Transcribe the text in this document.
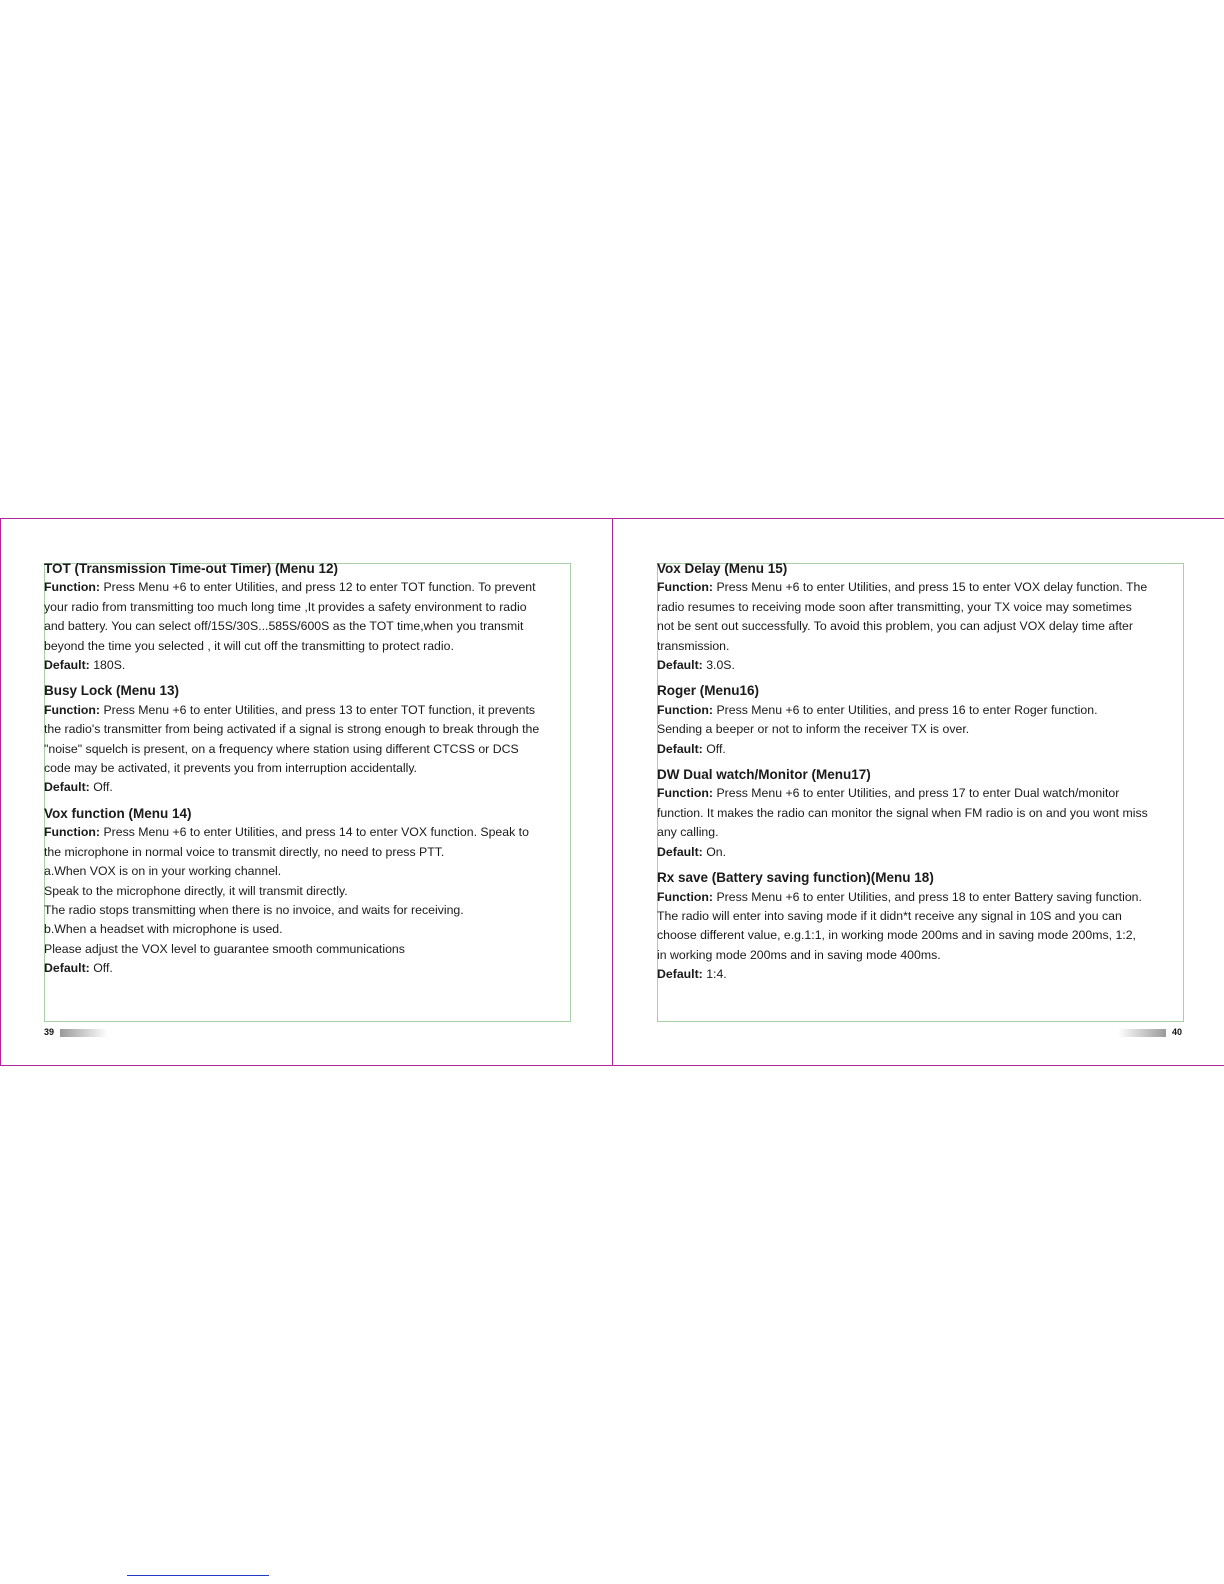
TOT (Transmission Time-out Timer) (Menu 12)
Function: Press Menu +6 to enter Utilities, and press 12 to enter TOT function. To prevent
your radio from transmitting too much long time ,It provides a safety environment to radio
and battery. You can select off/15S/30S...585S/600S as the TOT time,when you transmit
beyond the time you selected , it will cut off the transmitting to protect radio.
Default: 180S.
Busy Lock (Menu 13)
Function: Press Menu +6 to enter Utilities, and press 13 to enter TOT function, it prevents
the radio's transmitter from being activated if a signal is strong enough to break through the
"noise" squelch is present, on a frequency where station using different CTCSS or DCS
code may be activated, it prevents you from interruption accidentally.
Default: Off.
Vox function (Menu 14)
Function: Press Menu +6 to enter Utilities, and press 14 to enter VOX function. Speak to
the microphone in normal voice to transmit directly, no need to press PTT.
a.When VOX is on in your working channel.
Speak to the microphone directly, it will transmit directly.
The radio stops transmitting when there is no invoice, and waits for receiving.
b.When a headset with microphone is used.
Please adjust the VOX level to guarantee smooth communications
Default: Off.
39
Vox Delay (Menu 15)
Function: Press Menu +6 to enter Utilities, and press 15 to enter VOX delay function. The
radio resumes to receiving mode soon after transmitting, your TX voice may sometimes
not be sent out successfully. To avoid this problem, you can adjust VOX delay time after
transmission.
Default: 3.0S.
Roger (Menu16)
Function: Press Menu +6 to enter Utilities, and press 16 to enter Roger function.
Sending a beeper or not to inform the receiver TX is over.
Default: Off.
DW Dual watch/Monitor (Menu17)
Function: Press Menu +6 to enter Utilities, and press 17 to enter Dual watch/monitor
function. It makes the radio can monitor the signal when FM radio is on and you wont miss
any calling.
Default: On.
Rx save (Battery saving function)(Menu 18)
Function: Press Menu +6 to enter Utilities, and press 18 to enter Battery saving function.
The radio will enter into saving mode if it didn*t receive any signal in 10S and you can
choose different value, e.g.1:1, in working mode 200ms and in saving mode 200ms, 1:2,
in working mode 200ms and in saving mode 400ms.
Default: 1:4.
40
